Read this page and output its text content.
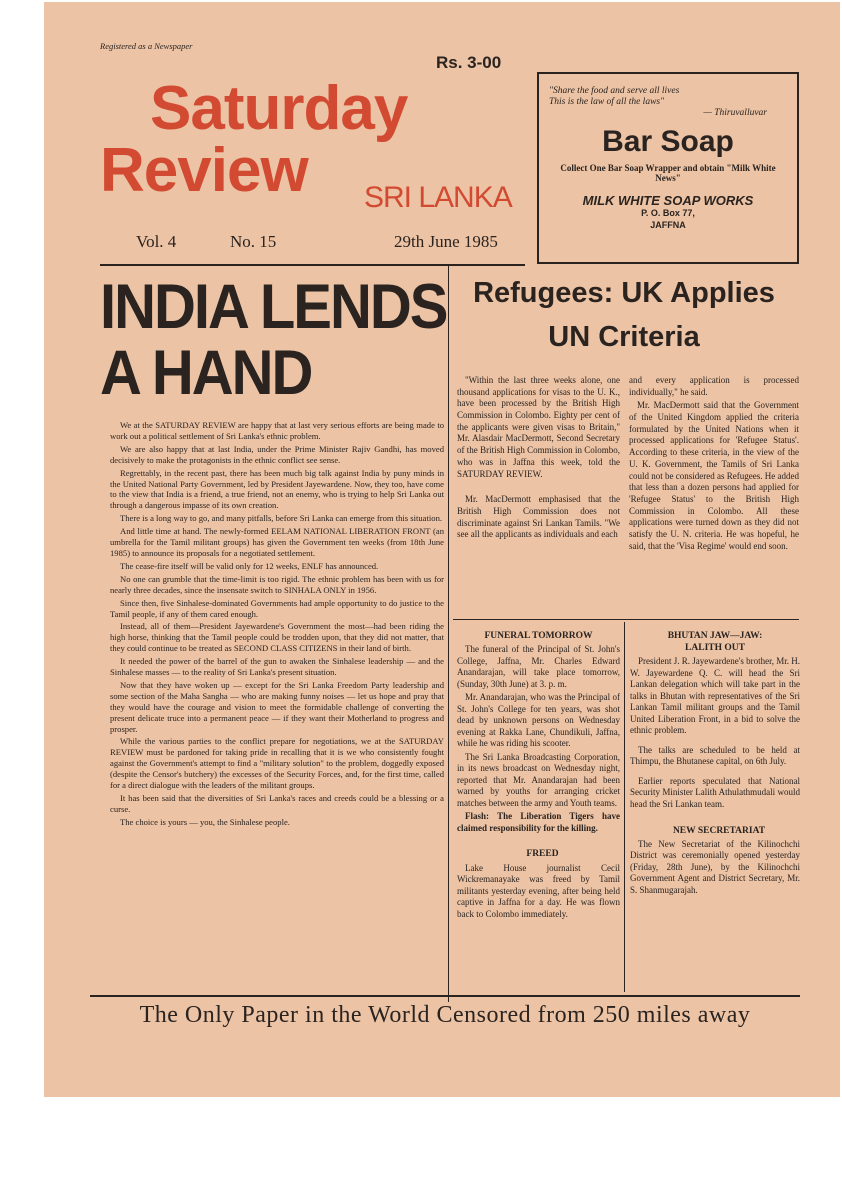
Registered as a Newspaper
Rs. 3-00
Saturday
Review SRI LANKA
Vol. 4	No. 15	29th June 1985
"Share the food and serve all lives
This is the law of all the laws"
— Thiruvalluvar
Bar Soap
Collect One Bar Soap Wrapper and obtain "Milk White News"
MILK WHITE SOAP WORKS
P. O. Box 77,
JAFFNA
INDIA LENDS
A HAND

We at the SATURDAY REVIEW are happy that at last very serious efforts are being made to work out a political settlement of Sri Lanka's ethnic problem.

We are also happy that at last India, under the Prime Minister Rajiv Gandhi, has moved decisively to make the protagonists in the ethnic conflict see sense.

Regrettably, in the recent past, there has been much big talk against India by puny minds in the United National Party Government, led by President Jayewardene. Now, they too, have come to the view that India is a friend, a true friend, not an enemy, who is trying to help Sri Lanka out through a dangerous impasse of its own creation.

There is a long way to go, and many pitfalls, before Sri Lanka can emerge from this situation.

And little time at hand. The newly-formed EELAM NATIONAL LIBERATION FRONT (an umbrella for the Tamil militant groups) has given the Government ten weeks (from 18th June 1985) to announce its proposals for a negotiated settlement.

The cease-fire itself will be valid only for 12 weeks, ENLF has announced.

No one can grumble that the time-limit is too rigid. The ethnic problem has been with us for nearly three decades, since the insensate switch to SINHALA ONLY in 1956.

Since then, five Sinhalese-dominated Governments had ample opportunity to do justice to the Tamil people, if any of them cared enough.

Instead, all of them—President Jayewardene's Government the most—had been riding the high horse, thinking that the Tamil people could be trodden upon, that they did not matter, that they could continue to be treated as SECOND CLASS CITIZENS in their land of birth.

It needed the power of the barrel of the gun to awaken the Sinhalese leadership — and the Sinhalese masses — to the reality of Sri Lanka's present situation.

Now that they have woken up — except for the Sri Lanka Freedom Party leadership and some section of the Maha Sangha — who are making funny noises — let us hope and pray that they would have the courage and vision to meet the formidable challenge of converting the present delicate truce into a permanent peace — if they want their Motherland to progress and prosper.

While the various parties to the conflict prepare for negotiations, we at the SATURDAY REVIEW must be pardoned for taking pride in recalling that it is we who consistently fought against the Government's attempt to find a "military solution" to the problem, doggedly exposed (despite the Censor's butchery) the excesses of the Security Forces, and, for the first time, called for a direct dialogue with the leaders of the militant groups.

It has been said that the diversities of Sri Lanka's races and creeds could be a blessing or a curse.

The choice is yours — you, the Sinhalese people.

Refugees: UK Applies
UN Criteria

"Within the last three weeks alone, one thousand applications for visas to the U. K., have been processed by the British High Commission in Colombo. Eighty per cent of the applicants were given visas to Britain," Mr. Alasdair MacDermott, Second Secretary of the British High Commission in Colombo, who was in Jaffna this week, told the SATURDAY REVIEW.

Mr. MacDermott emphasised that the British High Commission does not discriminate against Sri Lankan Tamils. "We see all the applicants as individuals and each

and every application is processed individually," he said.

Mr. MacDermott said that the Government of the United Kingdom applied the criteria formulated by the United Nations when it processed applications for 'Refugee Status'. According to these criteria, in the view of the U. K. Government, the Tamils of Sri Lanka could not be considered as Refugees. He added that less than a dozen persons had applied for 'Refugee Status' to the British High Commission in Colombo. All these applications were turned down as they did not satisfy the U. N. criteria. He was hopeful, he said, that the 'Visa Regime' would end soon.

FUNERAL TOMORROW

The funeral of the Principal of St. John's College, Jaffna, Mr. Charles Edward Anandarajan, will take place tomorrow, (Sunday, 30th June) at 3. p. m.

Mr. Anandarajan, who was the Principal of St. John's College for ten years, was shot dead by unknown persons on Wednesday evening at Rakka Lane, Chundikuli, Jaffna, while he was riding his scooter.

The Sri Lanka Broadcasting Corporation, in its news broadcast on Wednesday night, reported that Mr. Anandarajan had been warned by youths for arranging cricket matches between the army and Youth teams.

Flash: The Liberation Tigers have claimed responsibility for the killing.

FREED

Lake House journalist Cecil Wickremanayake was freed by Tamil militants yesterday evening, after being held captive in Jaffna for a day. He was flown back to Colombo immediately.

BHUTAN JAW—JAW:

LALITH OUT

President J. R. Jayewardene's brother, Mr. H. W. Jayewardene Q. C. will head the Sri Lankan delegation which will take part in the talks in Bhutan with representatives of the Sri Lankan Tamil militant groups and the Tamil United Liberation Front, in a bid to solve the ethnic problem.

The talks are scheduled to be held at Thimpu, the Bhutanese capital, on 6th July.

Earlier reports speculated that National Security Minister Lalith Athulathmudali would head the Sri Lankan team.

NEW SECRETARIAT

The New Secretariat of the Kilinochchi District was ceremonially opened yesterday (Friday, 28th June), by the Kilinochchi Government Agent and District Secretary, Mr. S. Shanmugarajah.

The Only Paper in the World Censored from 250 miles away
